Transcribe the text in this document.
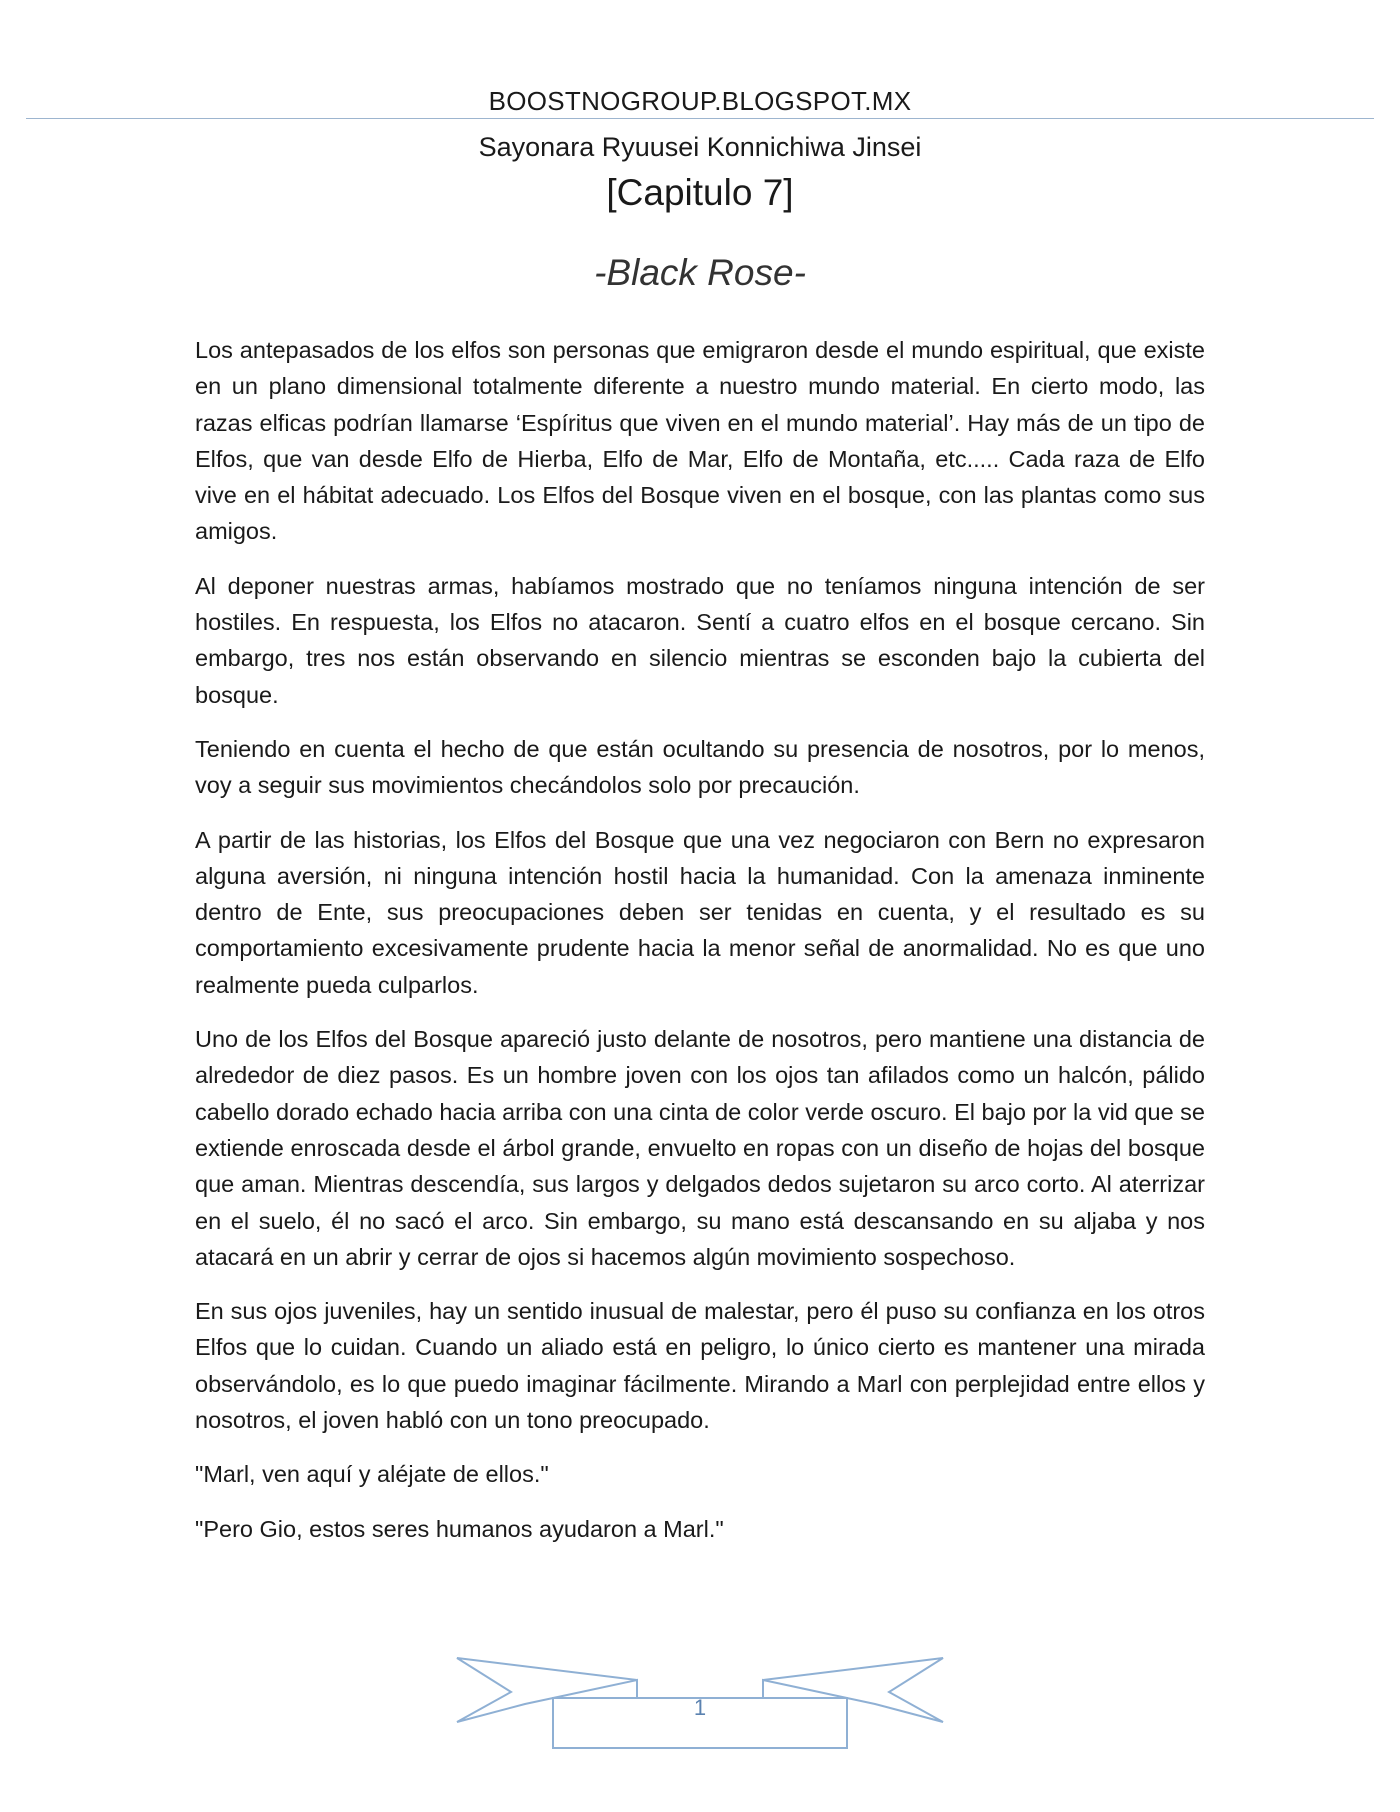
BOOSTNOGROUP.BLOGSPOT.MX
Sayonara Ryuusei Konnichiwa Jinsei
[Capitulo 7]
-Black Rose-

Los antepasados de los elfos son personas que emigraron desde el mundo espiritual, que existe en un plano dimensional totalmente diferente a nuestro mundo material. En cierto modo, las razas elficas podrían llamarse ‘Espíritus que viven en el mundo material’. Hay más de un tipo de Elfos, que van desde Elfo de Hierba, Elfo de Mar, Elfo de Montaña, etc..... Cada raza de Elfo vive en el hábitat adecuado. Los Elfos del Bosque viven en el bosque, con las plantas como sus amigos.

Al deponer nuestras armas, habíamos mostrado que no teníamos ninguna intención de ser hostiles. En respuesta, los Elfos no atacaron. Sentí a cuatro elfos en el bosque cercano. Sin embargo, tres nos están observando en silencio mientras se esconden bajo la cubierta del bosque.

Teniendo en cuenta el hecho de que están ocultando su presencia de nosotros, por lo menos, voy a seguir sus movimientos checándolos solo por precaución.

A partir de las historias, los Elfos del Bosque que una vez negociaron con Bern no expresaron alguna aversión, ni ninguna intención hostil hacia la humanidad. Con la amenaza inminente dentro de Ente, sus preocupaciones deben ser tenidas en cuenta, y el resultado es su comportamiento excesivamente prudente hacia la menor señal de anormalidad. No es que uno realmente pueda culparlos.

Uno de los Elfos del Bosque apareció justo delante de nosotros, pero mantiene una distancia de alrededor de diez pasos. Es un hombre joven con los ojos tan afilados como un halcón, pálido cabello dorado echado hacia arriba con una cinta de color verde oscuro. El bajo por la vid que se extiende enroscada desde el árbol grande, envuelto en ropas con un diseño de hojas del bosque que aman. Mientras descendía, sus largos y delgados dedos sujetaron su arco corto. Al aterrizar en el suelo, él no sacó el arco. Sin embargo, su mano está descansando en su aljaba y nos atacará en un abrir y cerrar de ojos si hacemos algún movimiento sospechoso.

En sus ojos juveniles, hay un sentido inusual de malestar, pero él puso su confianza en los otros Elfos que lo cuidan. Cuando un aliado está en peligro, lo único cierto es mantener una mirada observándolo, es lo que puedo imaginar fácilmente. Mirando a Marl con perplejidad entre ellos y nosotros, el joven habló con un tono preocupado.

"Marl, ven aquí y aléjate de ellos."

"Pero Gio, estos seres humanos ayudaron a Marl."

1
